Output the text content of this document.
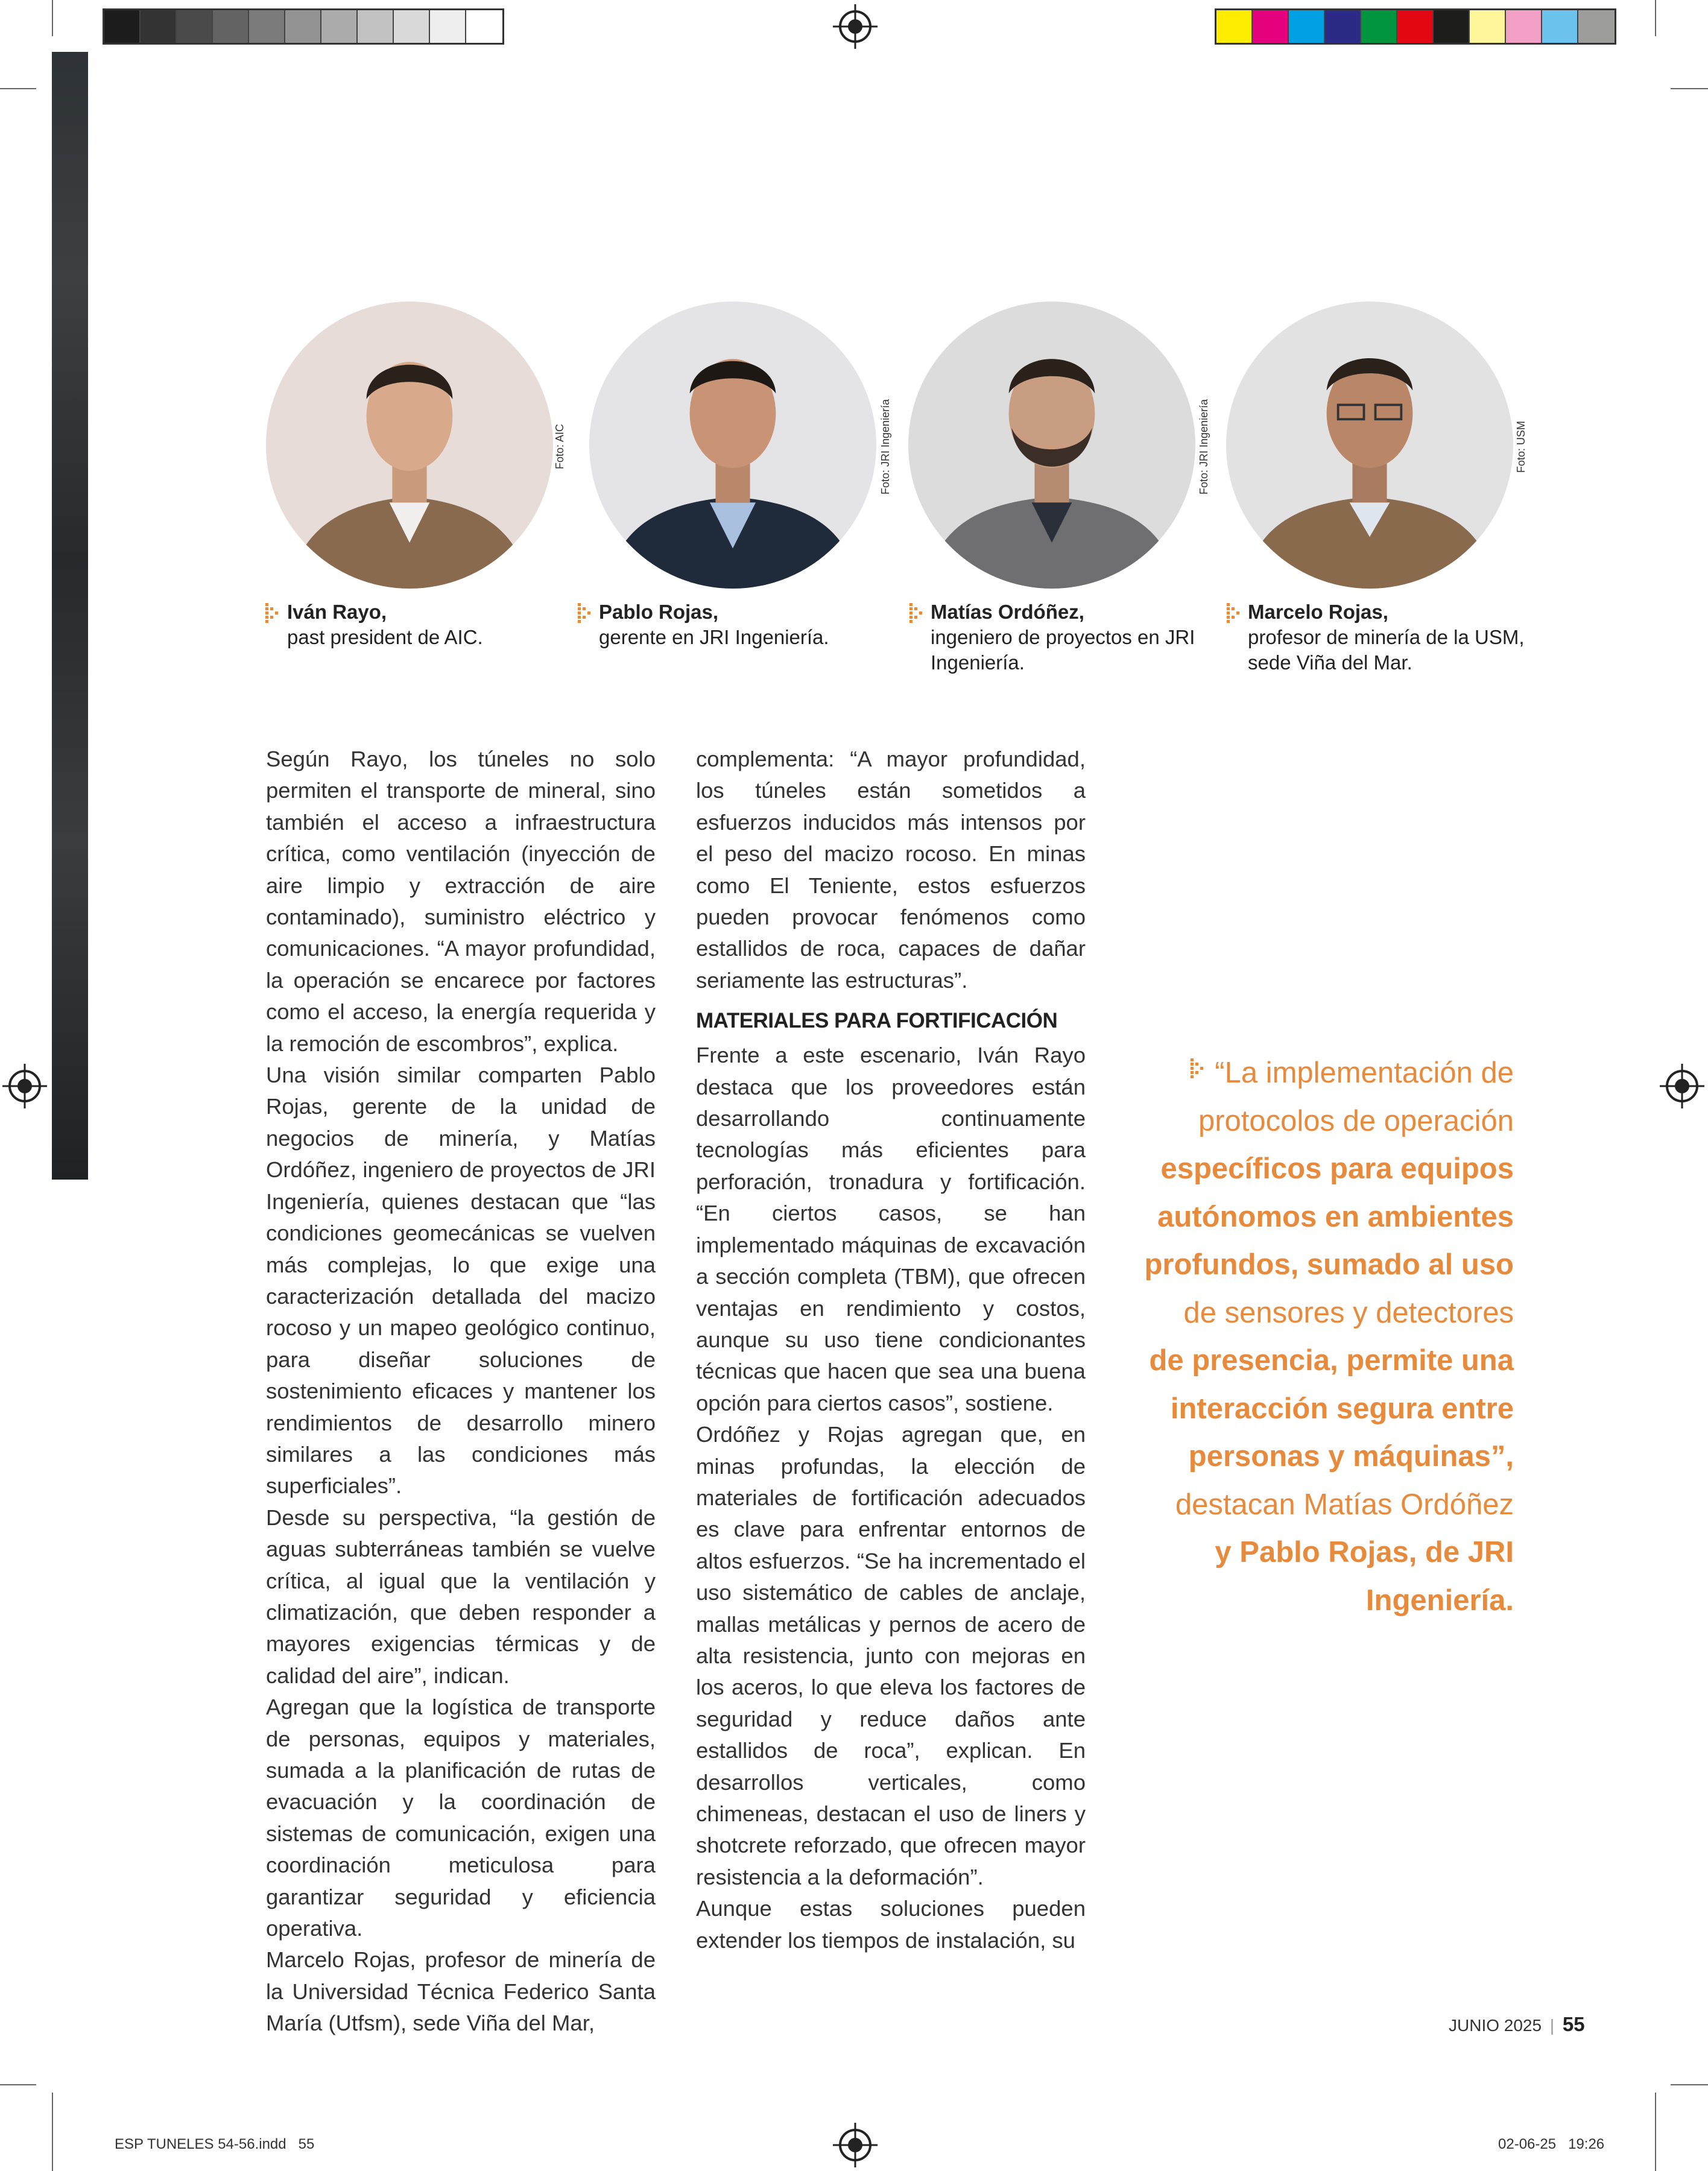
Foto: AIC	Foto: JRI Ingeniería	Foto: JRI Ingeniería	Foto: USM
Iván Rayo,
past president de AIC.
Pablo Rojas,
gerente en JRI Ingeniería.
Matías Ordóñez,
ingeniero de proyectos en JRI
Ingeniería.
Marcelo Rojas,
profesor de minería de la USM,
sede Viña del Mar.

Según Rayo, los túneles no solo permiten el transporte de mineral, sino también el acceso a infraestructura crítica, como ventilación (inyección de aire limpio y extracción de aire contaminado), suministro eléctrico y comunicaciones. “A mayor profundidad, la operación se encarece por factores como el acceso, la energía requerida y la remoción de escombros”, explica.

Una visión similar comparten Pablo Rojas, gerente de la unidad de negocios de minería, y Matías Ordóñez, ingeniero de proyectos de JRI Ingeniería, quienes destacan que “las condiciones geomecánicas se vuelven más complejas, lo que exige una caracterización detallada del macizo rocoso y un mapeo geológico continuo, para diseñar soluciones de sostenimiento eficaces y mantener los rendimientos de desarrollo minero similares a las condiciones más superficiales”.

Desde su perspectiva, “la gestión de aguas subterráneas también se vuelve crítica, al igual que la ventilación y climatización, que deben responder a mayores exigencias térmicas y de calidad del aire”, indican.

Agregan que la logística de transporte de personas, equipos y materiales, sumada a la planificación de rutas de evacuación y la coordinación de sistemas de comunicación, exigen una coordinación meticulosa para garantizar seguridad y eficiencia operativa.

Marcelo Rojas, profesor de minería de la Universidad Técnica Federico Santa María (Utfsm), sede Viña del Mar,

complementa: “A mayor profundidad, los túneles están sometidos a esfuerzos inducidos más intensos por el peso del macizo rocoso. En minas como El Teniente, estos esfuerzos pueden provocar fenómenos como estallidos de roca, capaces de dañar seriamente las estructuras”.

MATERIALES PARA FORTIFICACIÓN

Frente a este escenario, Iván Rayo destaca que los proveedores están desarrollando continuamente tecnologías más eficientes para perforación, tronadura y fortificación. “En ciertos casos, se han implementado máquinas de excavación a sección completa (TBM), que ofrecen ventajas en rendimiento y costos, aunque su uso tiene condicionantes técnicas que hacen que sea una buena opción para ciertos casos”, sostiene.

Ordóñez y Rojas agregan que, en minas profundas, la elección de materiales de fortificación adecuados es clave para enfrentar entornos de altos esfuerzos. “Se ha incrementado el uso sistemático de cables de anclaje, mallas metálicas y pernos de acero de alta resistencia, junto con mejoras en los aceros, lo que eleva los factores de seguridad y reduce daños ante estallidos de roca”, explican. En desarrollos verticales, como chimeneas, destacan el uso de liners y shotcrete reforzado, que ofrecen mayor resistencia a la deformación”.

Aunque estas soluciones pueden extender los tiempos de instalación, su

“La implementación de
protocolos de operación
específicos para equipos
autónomos en ambientes
profundos, sumado al uso
de sensores y detectores
de presencia, permite una
interacción segura entre
personas y máquinas”,
destacan Matías Ordóñez
y Pablo Rojas, de JRI
Ingeniería.
JUNIO 2025 | 55
ESP TUNELES 54-56.indd 55	02-06-25 19:26
